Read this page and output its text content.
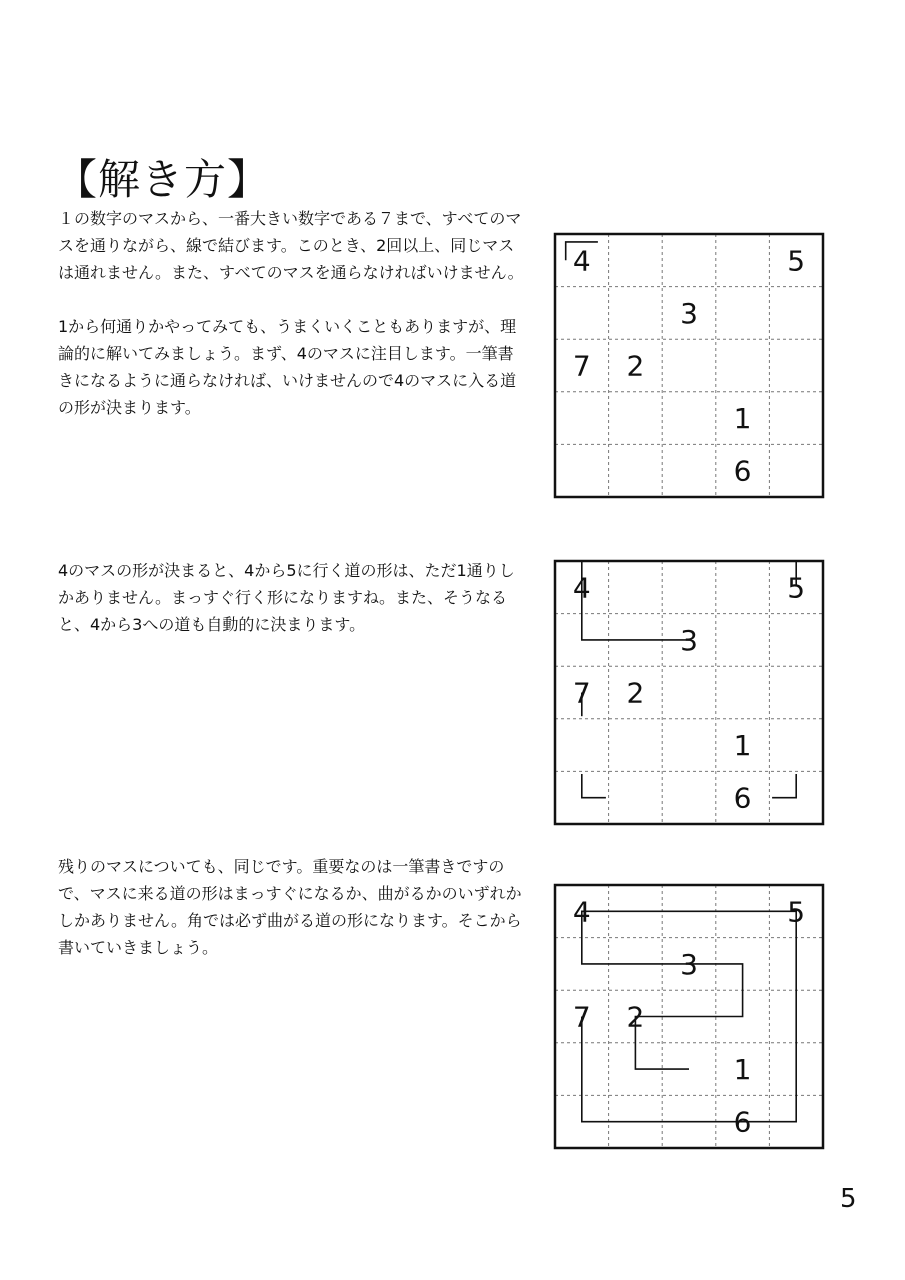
【解き方】

１の数字のマスから、一番大きい数字である７まで、すべてのマスを通りながら、線で結びます。このとき、2回以上、同じマスは通れません。また、すべてのマスを通らなければいけません。

1から何通りかやってみても、うまくいくこともありますが、理論的に解いてみましょう。まず、4のマスに注目します。一筆書きになるように通らなければ、いけませんので4のマスに入る道の形が決まります。

4のマスの形が決まると、4から5に行く道の形は、ただ1通りしかありません。まっすぐ行く形になりますね。また、そうなると、4から3への道も自動的に決まります。

残りのマスについても、同じです。重要なのは一筆書きですので、マスに来る道の形はまっすぐになるか、曲がるかのいずれかしかありません。角では必ず曲がる道の形になります。そこから書いていきましょう。

4	5
3
7 2
1
6
4	5
3
7 2
1
6
4	5
3
7 2
1
6
5
